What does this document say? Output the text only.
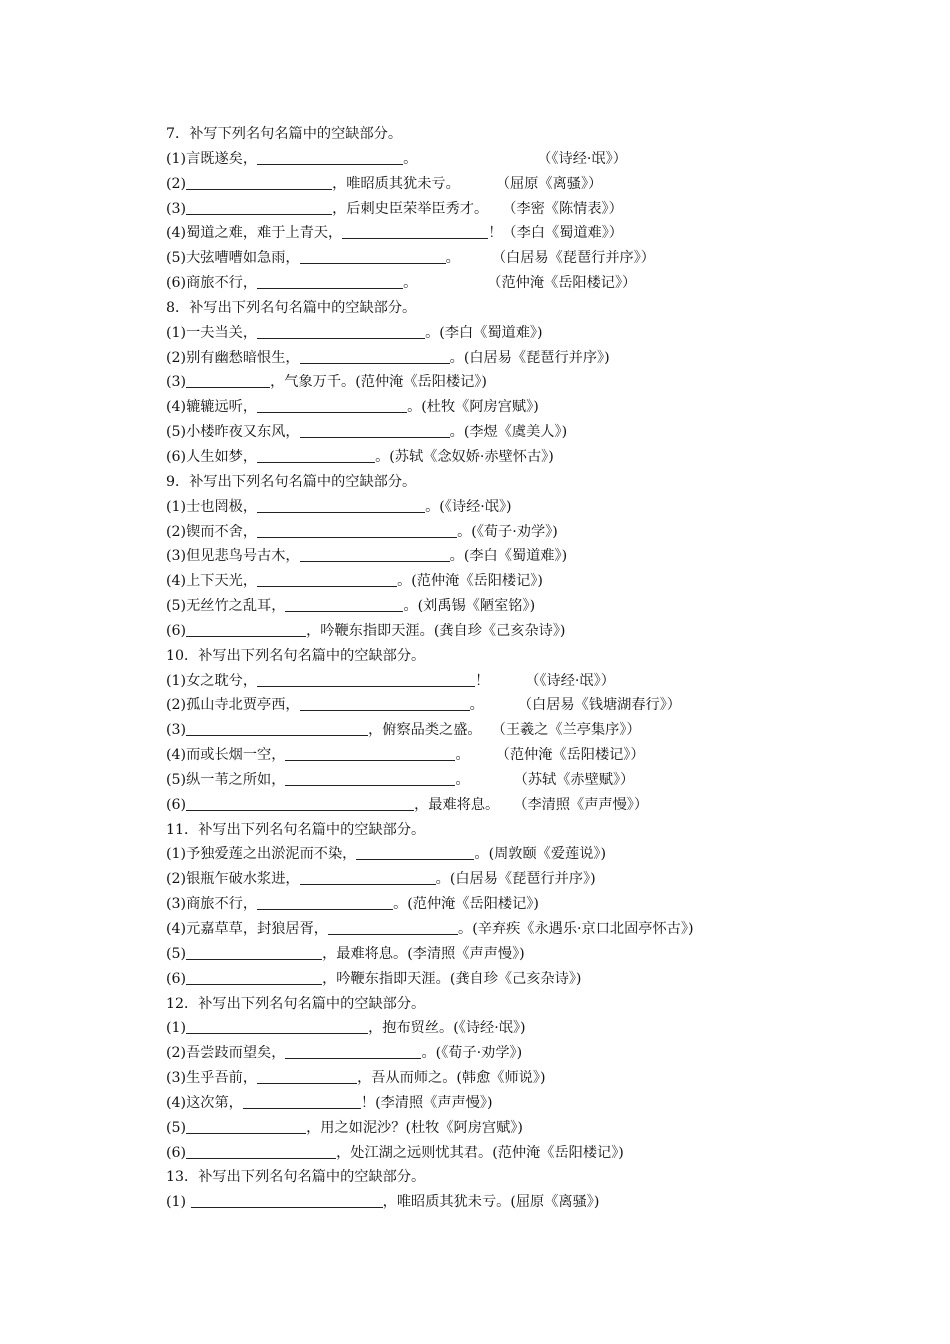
7．补写下列名句名篇中的空缺部分。
(1)言既遂矣，	。	（《诗经·氓》）
(2)	，唯昭质其犹未亏。	（屈原《离骚》）
(3)	，后刺史臣荣举臣秀才。 （李密《陈情表》）
(4)蜀道之难，难于上青天，	！（李白《蜀道难》）
(5)大弦嘈嘈如急雨，	。 （白居易《琵琶行并序》）
(6)商旅不行，	。	（范仲淹《岳阳楼记》）
8．补写出下列名句名篇中的空缺部分。
(1)一夫当关，	。(李白《蜀道难》)
(2)别有幽愁暗恨生，	。(白居易《琵琶行并序》)
(3)	，气象万千。(范仲淹《岳阳楼记》)
(4)辘辘远听，	。(杜牧《阿房宫赋》)
(5)小楼昨夜又东风，	。(李煜《虞美人》)
(6)人生如梦，	。(苏轼《念奴娇·赤壁怀古》)
9．补写出下列名句名篇中的空缺部分。
(1)士也罔极，	。(《诗经·氓》)
(2)锲而不舍，	。(《荀子·劝学》)
(3)但见悲鸟号古木，	。(李白《蜀道难》)
(4)上下天光，	。(范仲淹《岳阳楼记》)
(5)无丝竹之乱耳，	。(刘禹锡《陋室铭》)
(6)	，吟鞭东指即天涯。(龚自珍《己亥杂诗》)
10．补写出下列名句名篇中的空缺部分。
(1)女之耽兮，	！	（《诗经·氓》）
(2)孤山寺北贾亭西，	。 （白居易《钱塘湖春行》）
(3)	，俯察品类之盛。 （王羲之《兰亭集序》）
(4)而或长烟一空，	。 （范仲淹《岳阳楼记》）
(5)纵一苇之所如，	。	（苏轼《赤壁赋》）
(6)	，最难将息。 （李清照《声声慢》）
11．补写出下列名句名篇中的空缺部分。
(1)予独爱莲之出淤泥而不染，	。(周敦颐《爱莲说》)
(2)银瓶乍破水浆进，	。(白居易《琵琶行并序》)
(3)商旅不行，	。(范仲淹《岳阳楼记》)
(4)元嘉草草，封狼居胥，	。(辛弃疾《永遇乐·京口北固亭怀古》)
(5)	，最难将息。(李清照《声声慢》)
(6)	，吟鞭东指即天涯。(龚自珍《己亥杂诗》)
12．补写出下列名句名篇中的空缺部分。
(1)	，抱布贸丝。(《诗经·氓》)
(2)吾尝跂而望矣，	。(《荀子·劝学》)
(3)生乎吾前，	，吾从而师之。(韩愈《师说》)
(4)这次第，	！(李清照《声声慢》)
(5)	，用之如泥沙？(杜牧《阿房宫赋》)
(6)	，处江湖之远则忧其君。(范仲淹《岳阳楼记》)
13．补写出下列名句名篇中的空缺部分。
(1)	，唯昭质其犹未亏。(屈原《离骚》)
